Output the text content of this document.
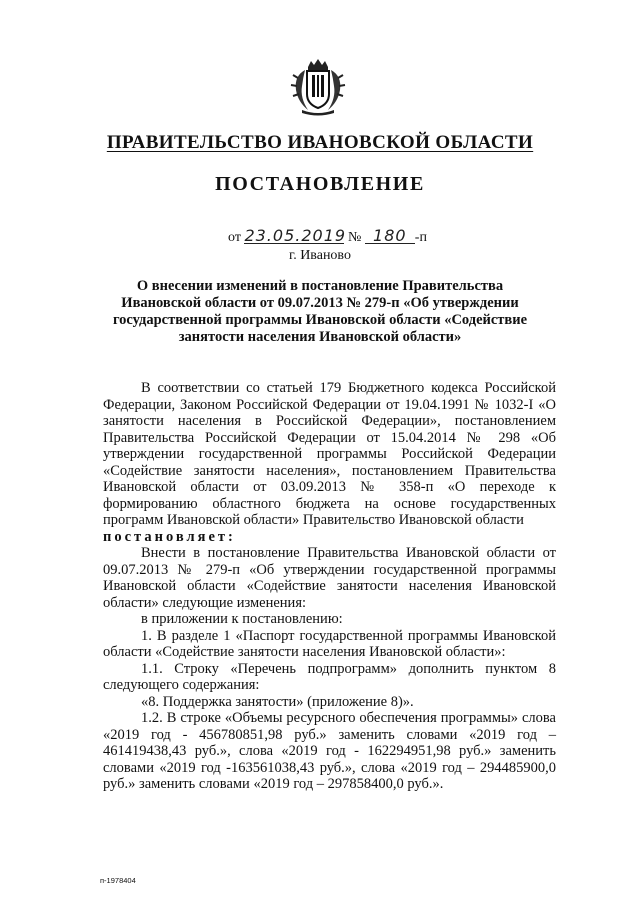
ПРАВИТЕЛЬСТВО ИВАНОВСКОЙ ОБЛАСТИ
ПОСТАНОВЛЕНИЕ
от 23.05.2019 № 180 -п
г. Иваново
О внесении изменений в постановление Правительства Ивановской области от 09.07.2013 № 279-п «Об утверждении государственной программы Ивановской области «Содействие занятости населения Ивановской области»

В соответствии со статьей 179 Бюджетного кодекса Российской Федерации, Законом Российской Федерации от 19.04.1991 № 1032-I «О занятости населения в Российской Федерации», постановлением Правительства Российской Федерации от 15.04.2014 № 298 «Об утверждении государственной программы Российской Федерации «Содействие занятости населения», постановлением Правительства Ивановской области от 03.09.2013 № 358-п «О переходе к формированию областного бюджета на основе государственных программ Ивановской области» Правительство Ивановской области

постановляет:

Внести в постановление Правительства Ивановской области от 09.07.2013 № 279-п «Об утверждении государственной программы Ивановской области «Содействие занятости населения Ивановской области» следующие изменения:

в приложении к постановлению:

1. В разделе 1 «Паспорт государственной программы Ивановской области «Содействие занятости населения Ивановской области»:

1.1. Строку «Перечень подпрограмм» дополнить пунктом 8 следующего содержания:

«8. Поддержка занятости» (приложение 8)».

1.2. В строке «Объемы ресурсного обеспечения программы» слова «2019 год - 456780851,98 руб.» заменить словами «2019 год – 461419438,43 руб.», слова «2019 год - 162294951,98 руб.» заменить словами «2019 год -163561038,43 руб.», слова «2019 год – 294485900,0 руб.» заменить словами «2019 год – 297858400,0 руб.».

п-1978404
